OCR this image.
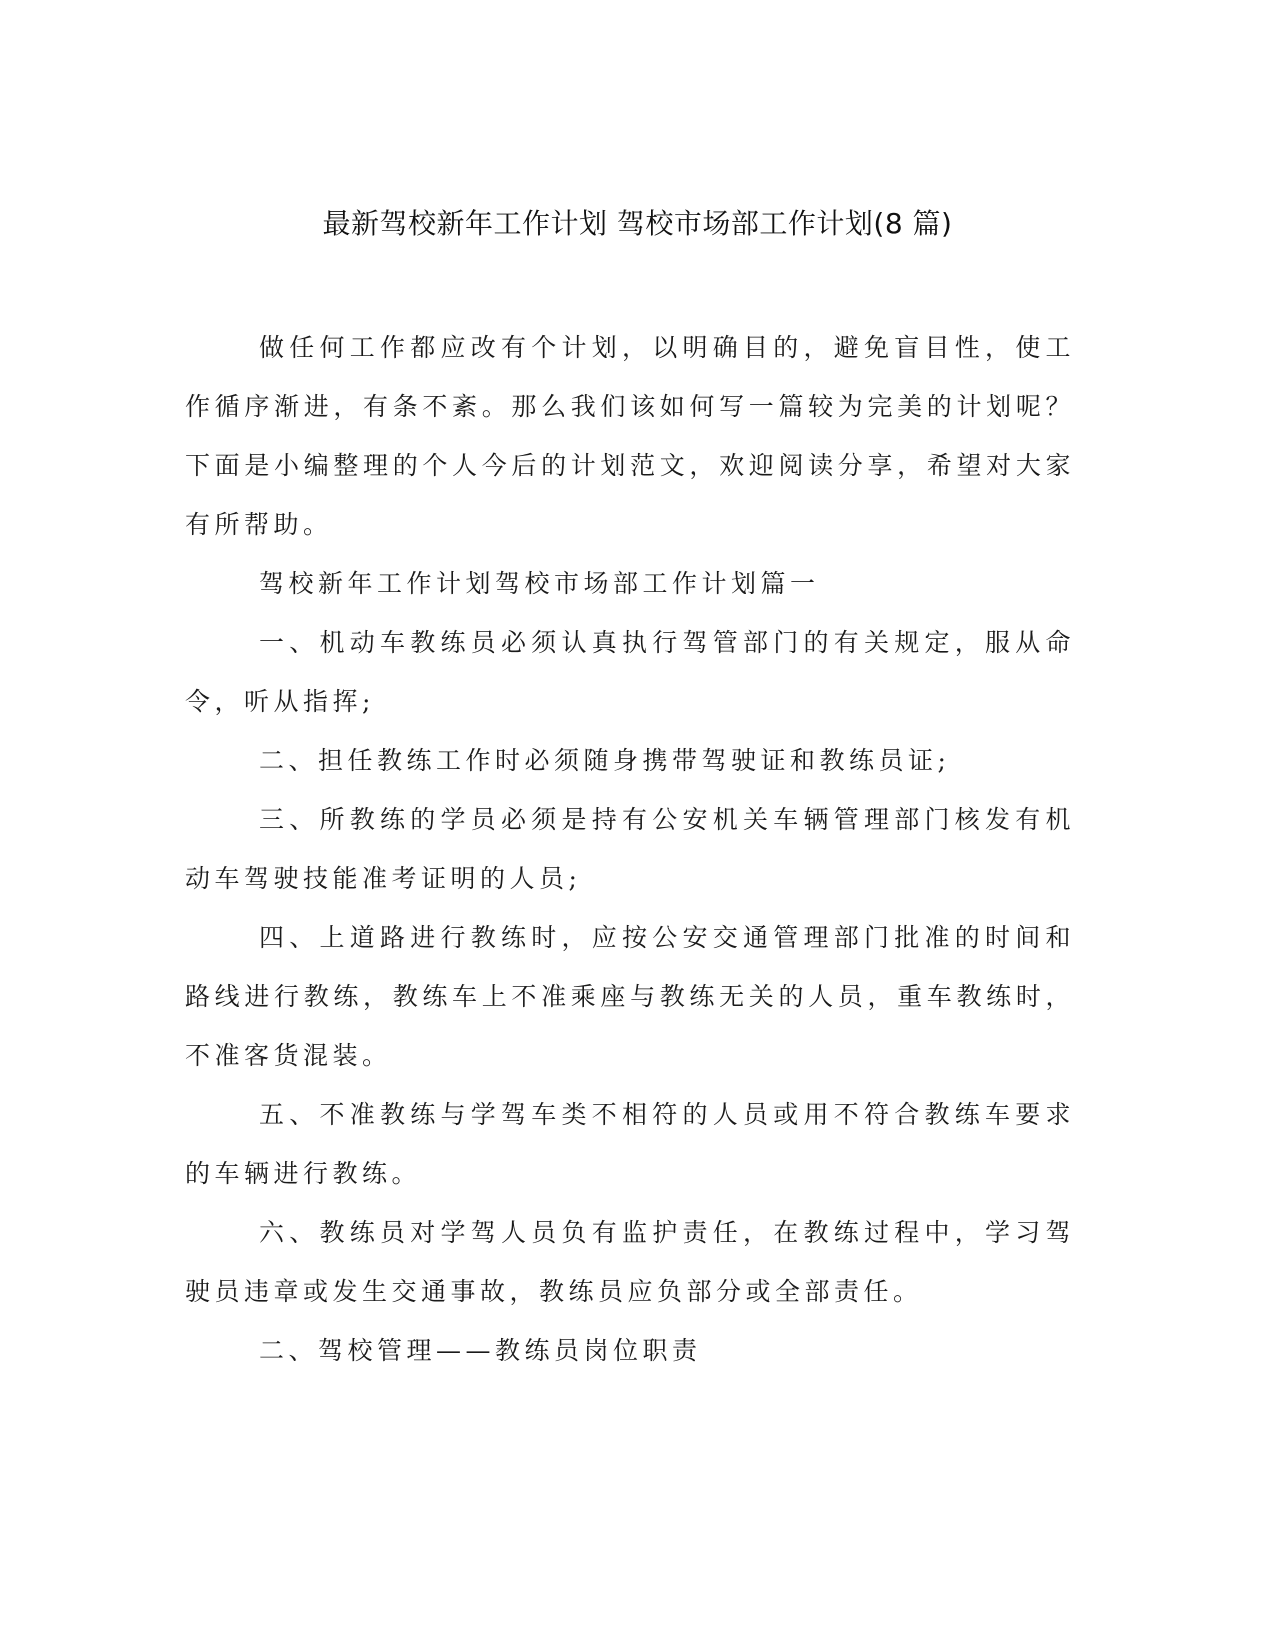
最新驾校新年工作计划 驾校市场部工作计划(8 篇)

做任何工作都应改有个计划，以明确目的，避免盲目性，使工作循序渐进，有条不紊。那么我们该如何写一篇较为完美的计划呢？下面是小编整理的个人今后的计划范文，欢迎阅读分享，希望对大家有所帮助。

驾校新年工作计划驾校市场部工作计划篇一

一、机动车教练员必须认真执行驾管部门的有关规定，服从命令，听从指挥;

二、担任教练工作时必须随身携带驾驶证和教练员证;

三、所教练的学员必须是持有公安机关车辆管理部门核发有机动车驾驶技能准考证明的人员;

四、上道路进行教练时，应按公安交通管理部门批准的时间和路线进行教练，教练车上不准乘座与教练无关的人员，重车教练时，不准客货混装。

五、不准教练与学驾车类不相符的人员或用不符合教练车要求的车辆进行教练。

六、教练员对学驾人员负有监护责任，在教练过程中，学习驾驶员违章或发生交通事故，教练员应负部分或全部责任。

二、驾校管理——教练员岗位职责
